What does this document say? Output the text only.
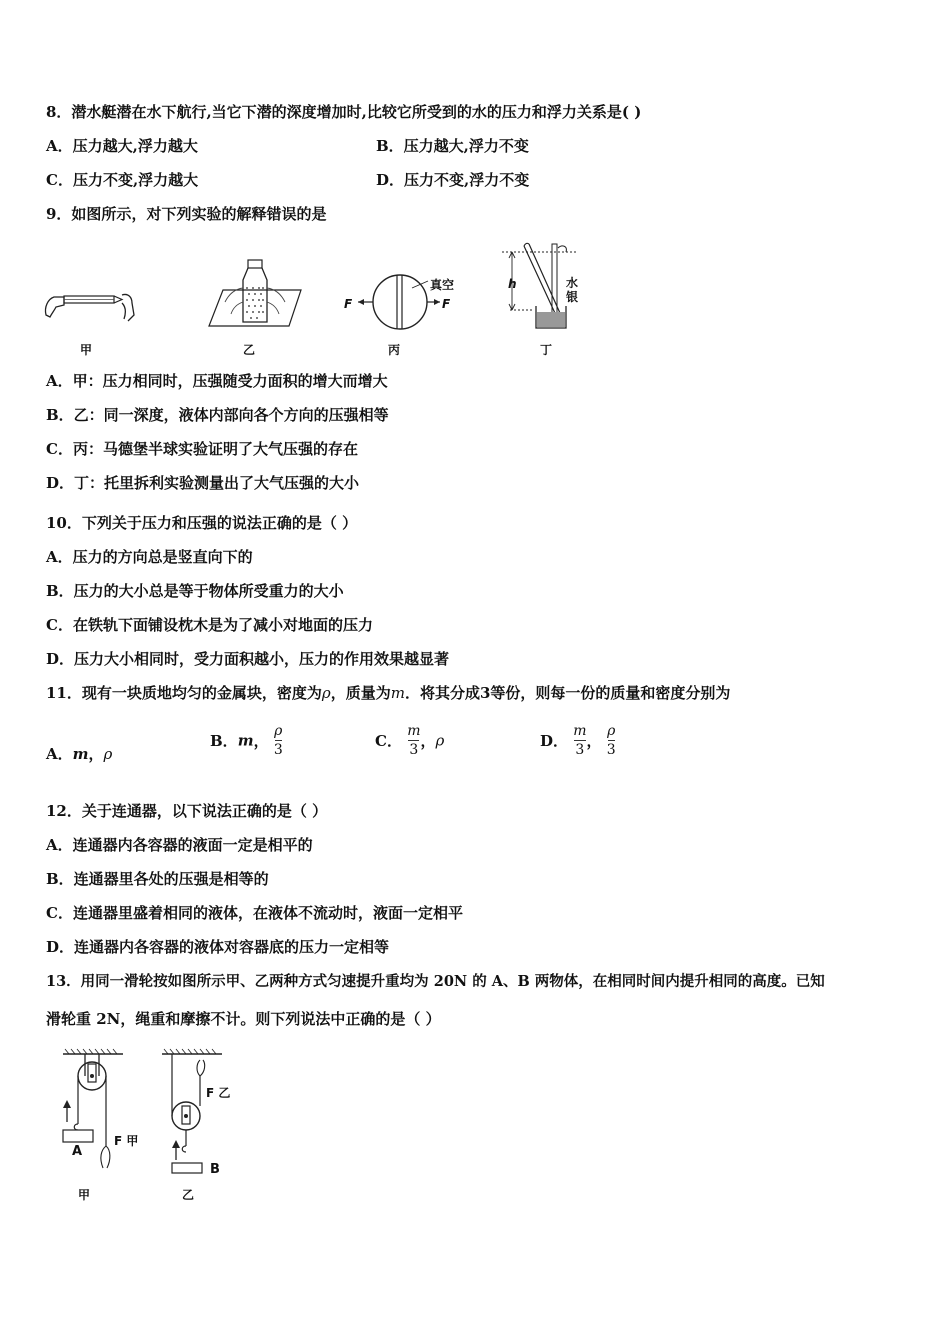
8．潜水艇潜在水下航行,当它下潜的深度增加时,比较它所受到的水的压力和浮力关系是( )
A．压力越大,浮力越大	B．压力越大,浮力不变
C．压力不变,浮力越大	D．压力不变,浮力不变
9．如图所示，对下列实验的解释错误的是
甲	乙
F	F
真空
丙
h	水银
丁
A．甲：压力相同时，压强随受力面积的增大而增大
B．乙：同一深度，液体内部向各个方向的压强相等
C．丙：马德堡半球实验证明了大气压强的存在
D．丁：托里拆利实验测量出了大气压强的大小
10．下列关于压力和压强的说法正确的是（ ）
A．压力的方向总是竖直向下的
B．压力的大小总是等于物体所受重力的大小
C．在铁轨下面铺设枕木是为了减小对地面的压力
D．压力大小相同时，受力面积越小，压力的作用效果越显著
11．现有一块质地均匀的金属块，密度为ρ，质量为m．将其分成3等份，则每一份的质量和密度分别为
A．m，ρ
B．m， $\frac{\rho}{3}$	C． $\frac{m}{3}$ ，ρ	D． $\frac{m}{3}$ ， $\frac{\rho}{3}$
12．关于连通器，以下说法正确的是（ ）
A．连通器内各容器的液面一定是相平的
B．连通器里各处的压强是相等的
C．连通器里盛着相同的液体，在液体不流动时，液面一定相平
D．连通器内各容器的液体对容器底的压力一定相等
13．用同一滑轮按如图所示甲、乙两种方式匀速提升重均为 20N 的 A、B 两物体，在相同时间内提升相同的高度。已知
滑轮重 2N，绳重和摩擦不计。则下列说法中正确的是（ ）
A
F 甲
甲
F 乙
B
乙
